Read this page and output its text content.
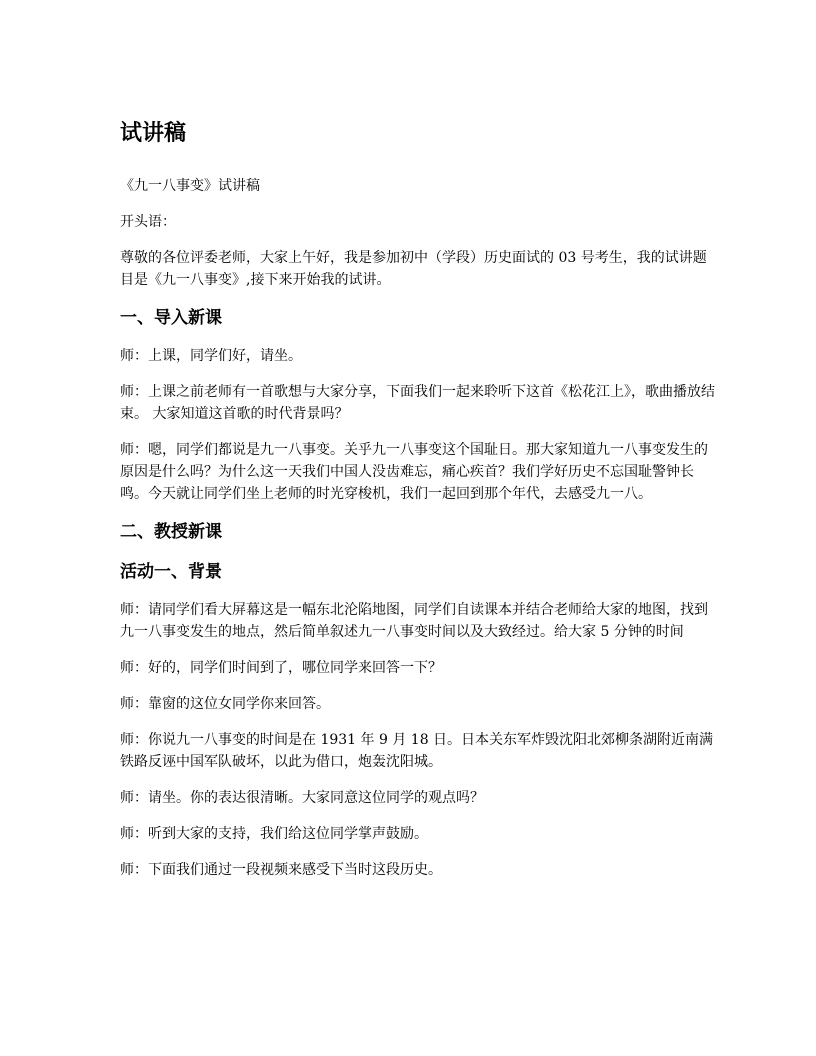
试讲稿

《九一八事变》试讲稿

开头语：

尊敬的各位评委老师，大家上午好，我是参加初中（学段）历史面试的 03 号考生，我的试讲题目是《九一八事变》,接下来开始我的试讲。

一、导入新课

师：上课，同学们好，请坐。

师：上课之前老师有一首歌想与大家分享，下面我们一起来聆听下这首《松花江上》，歌曲播放结束。 大家知道这首歌的时代背景吗？

师：嗯，同学们都说是九一八事变。关乎九一八事变这个国耻日。那大家知道九一八事变发生的原因是什么吗？为什么这一天我们中国人没齿难忘，痛心疾首？我们学好历史不忘国耻警钟长鸣。今天就让同学们坐上老师的时光穿梭机，我们一起回到那个年代，去感受九一八。

二、教授新课
活动一、背景

师：请同学们看大屏幕这是一幅东北沦陷地图，同学们自读课本并结合老师给大家的地图，找到九一八事变发生的地点，然后简单叙述九一八事变时间以及大致经过。给大家 5 分钟的时间

师：好的，同学们时间到了，哪位同学来回答一下？

师：靠窗的这位女同学你来回答。

师：你说九一八事变的时间是在 1931 年 9 月 18 日。日本关东军炸毁沈阳北郊柳条湖附近南满铁路反诬中国军队破坏，以此为借口，炮轰沈阳城。

师：请坐。你的表达很清晰。大家同意这位同学的观点吗？

师：听到大家的支持，我们给这位同学掌声鼓励。

师：下面我们通过一段视频来感受下当时这段历史。
